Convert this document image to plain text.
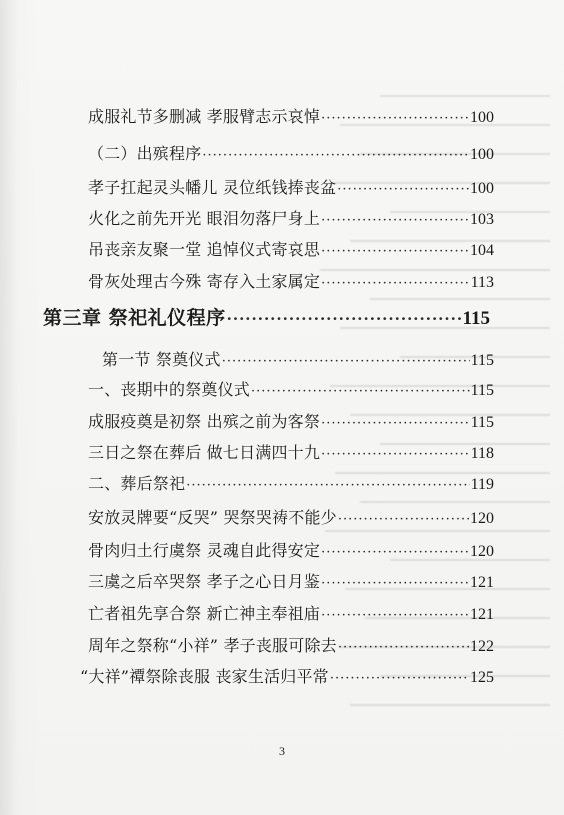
成服礼节多删减 孝服臂志示哀悼 ·····	100
（二）出殡程序 ·····	100
孝子扛起灵头幡儿 灵位纸钱捧丧盆 ·····	100
火化之前先开光 眼泪勿落尸身上 ·····	103
吊丧亲友聚一堂 追悼仪式寄哀思 ·····	104
骨灰处理古今殊 寄存入土家属定 ·····	113
第三章 祭祀礼仪程序 ·····	115
第一节 祭奠仪式 ·····	115
一、丧期中的祭奠仪式 ·····	115
成服疫奠是初祭 出殡之前为客祭 ·····	115
三日之祭在葬后 做七日满四十九 ·····	118
二、葬后祭祀 ·····	119
安放灵牌要“反哭” 哭祭哭祷不能少 ·····	120
骨肉归土行虞祭 灵魂自此得安定 ·····	120
三虞之后卒哭祭 孝子之心日月鉴 ·····	121
亡者祖先享合祭 新亡神主奉祖庙 ·····	121
周年之祭称“小祥” 孝子丧服可除去 ·····	122
“大祥”禫祭除丧服 丧家生活归平常 ·····	125
3
